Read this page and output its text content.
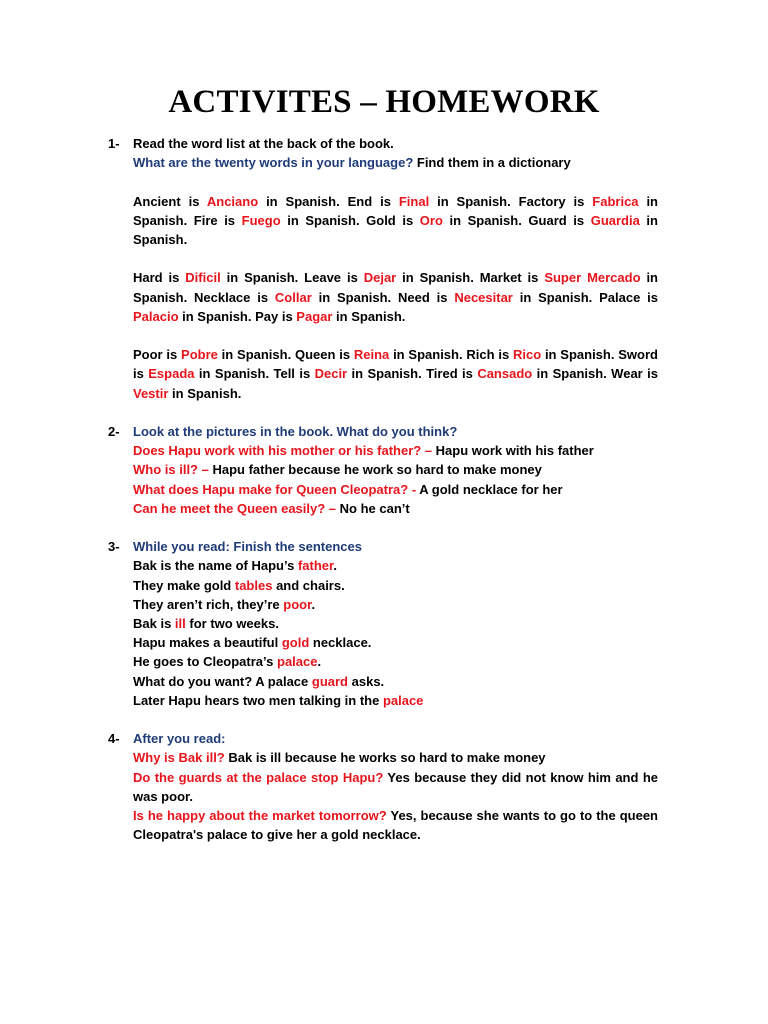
ACTIVITES – HOMEWORK
1- Read the word list at the back of the book.
What are the twenty words in your language? Find them in a dictionary
Ancient is Anciano in Spanish. End is Final in Spanish. Factory is Fabrica in Spanish. Fire is Fuego in Spanish. Gold is Oro in Spanish. Guard is Guardia in Spanish.
Hard is Dificil in Spanish. Leave is Dejar in Spanish. Market is Super Mercado in Spanish. Necklace is Collar in Spanish. Need is Necesitar in Spanish. Palace is Palacio in Spanish. Pay is Pagar in Spanish.
Poor is Pobre in Spanish. Queen is Reina in Spanish. Rich is Rico in Spanish. Sword is Espada in Spanish. Tell is Decir in Spanish. Tired is Cansado in Spanish. Wear is Vestir in Spanish.
2- Look at the pictures in the book. What do you think?
Does Hapu work with his mother or his father? – Hapu work with his father
Who is ill? – Hapu father because he work so hard to make money
What does Hapu make for Queen Cleopatra? - A gold necklace for her
Can he meet the Queen easily? – No he can’t
3- While you read: Finish the sentences
Bak is the name of Hapu’s father.
They make gold tables and chairs.
They aren’t rich, they’re poor.
Bak is ill for two weeks.
Hapu makes a beautiful gold necklace.
He goes to Cleopatra’s palace.
What do you want? A palace guard asks.
Later Hapu hears two men talking in the palace
4- After you read:
Why is Bak ill? Bak is ill because he works so hard to make money
Do the guards at the palace stop Hapu? Yes because they did not know him and he was poor.
Is he happy about the market tomorrow? Yes, because she wants to go to the queen Cleopatra's palace to give her a gold necklace.
